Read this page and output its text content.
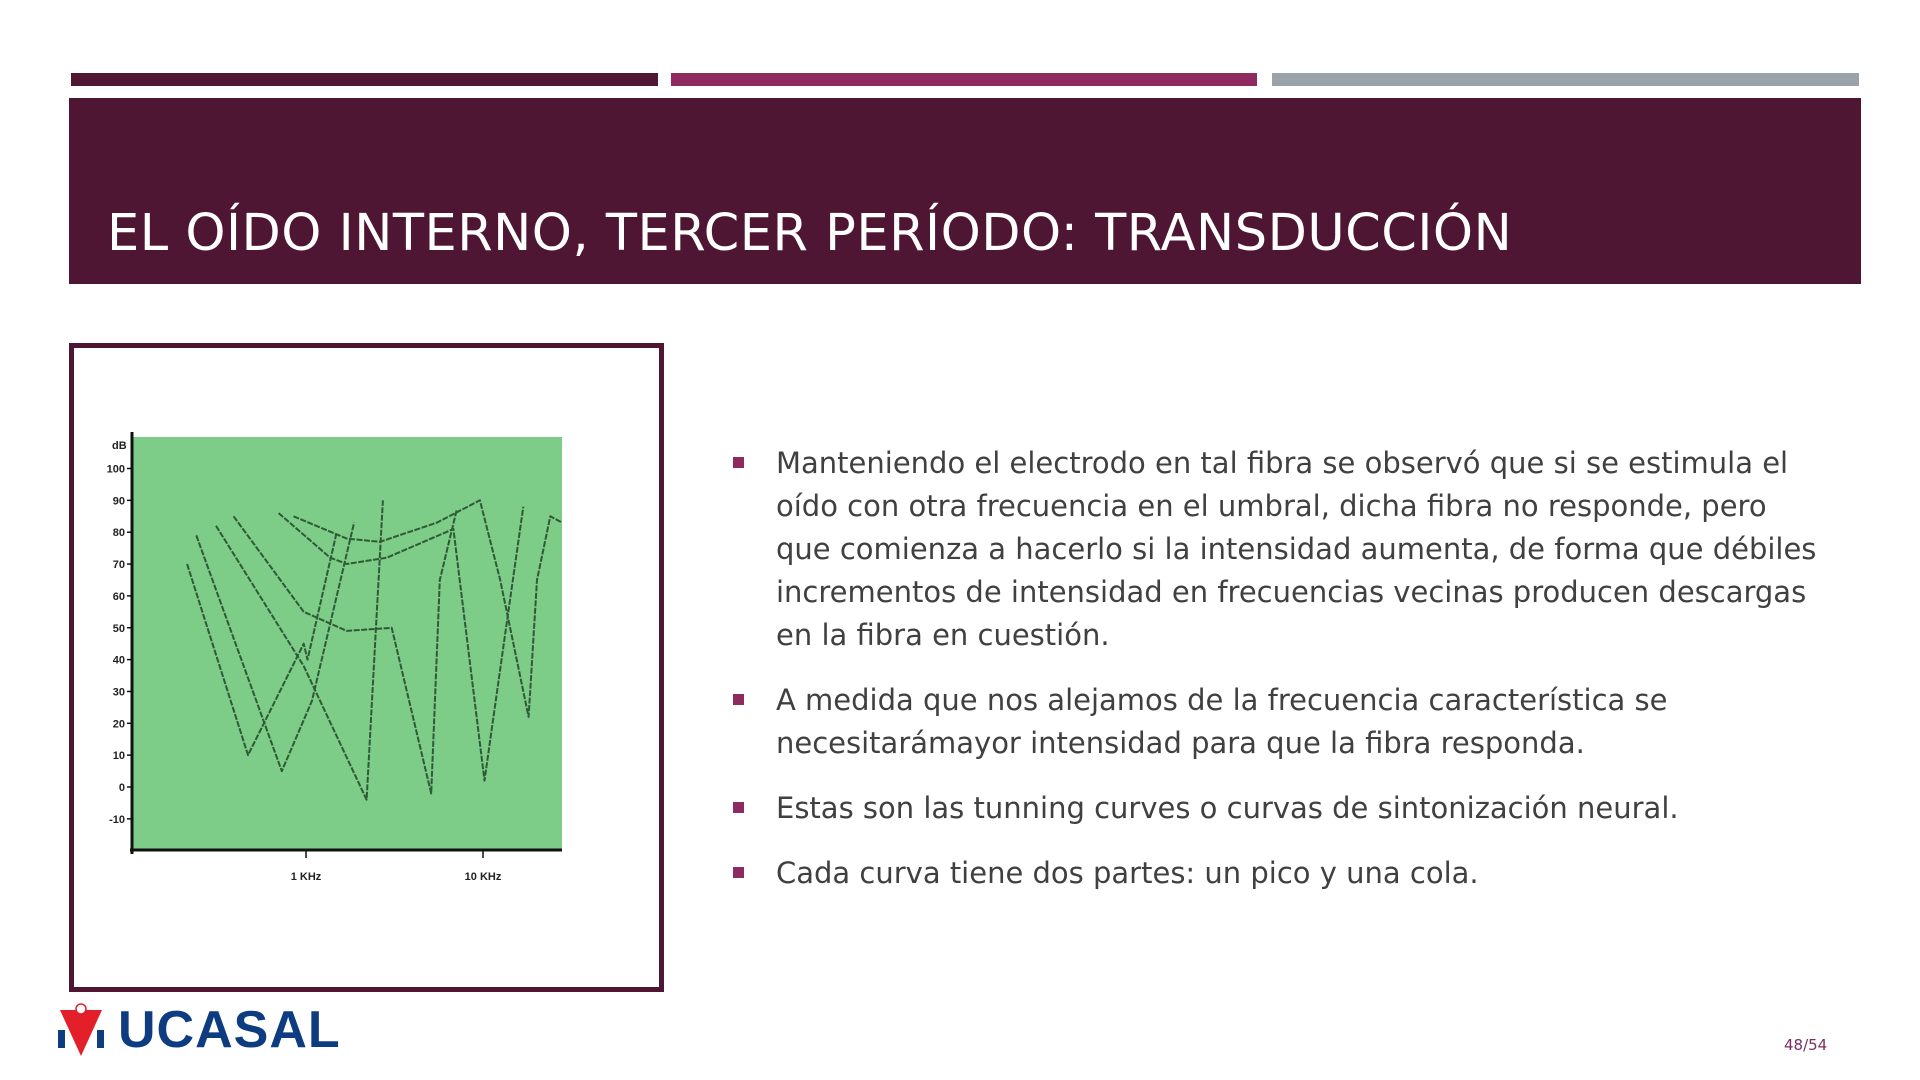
EL OÍDO INTERNO, TERCER PERÍODO: TRANSDUCCIÓN
dB
100
90
80
70
60
50
40
30
20
10
0
-10
1 KHz	10 KHz
Manteniendo el electrodo en tal fibra se observó que si se estimula el oído con otra frecuencia en el umbral, dicha fibra no responde, pero que comienza a hacerlo si la intensidad aumenta, de forma que débiles incrementos de intensidad en frecuencias vecinas producen descargas en la fibra en cuestión.
A medida que nos alejamos de la frecuencia característica se necesitarámayor intensidad para que la fibra responda.
Estas son las tunning curves o curvas de sintonización neural.
Cada curva tiene dos partes: un pico y una cola.
UCASAL	48/54
